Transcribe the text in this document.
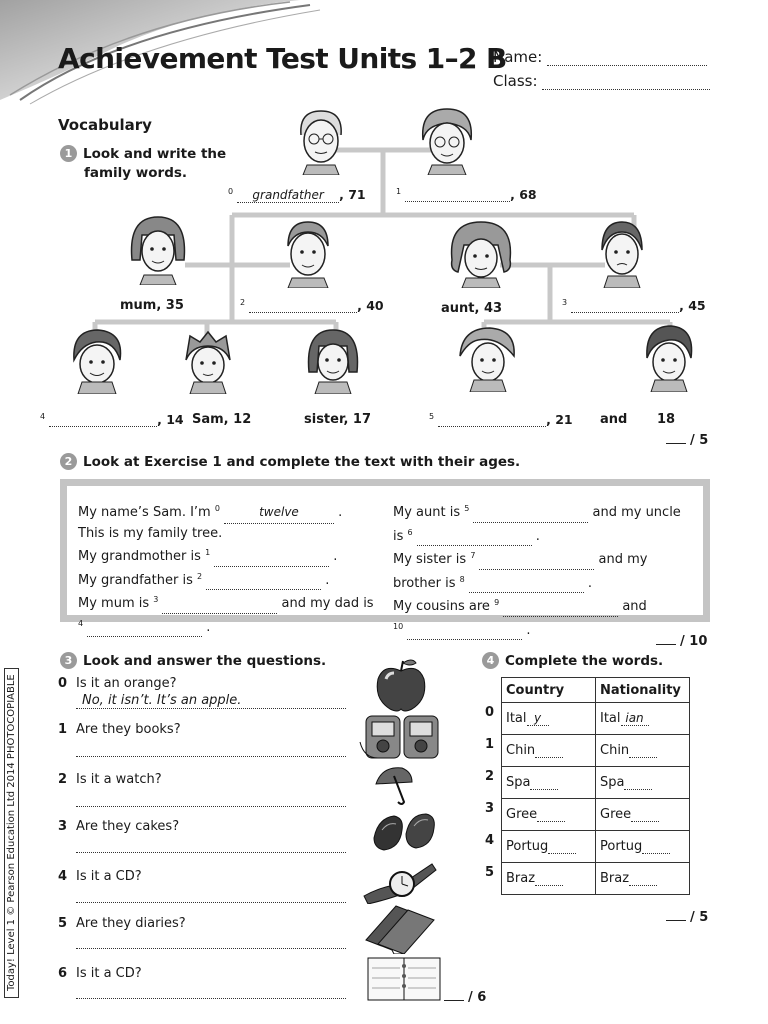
Achievement Test Units 1–2 B
Name:
Class:
Vocabulary
1 Look and write the
family words.
$^0$ grandfather , 71	$^1$	, 68
mum, 35	$^2$	, 40	aunt, 43	$^3$	, 45
$^4$	, 14 Sam, 12	sister, 17	$^5$	, 21 and 18
/ 5
2 Look at Exercise 1 and complete the text with their ages.
My name’s Sam. I’m $^0$	twelve	.
This is my family tree.
My grandmother is $^1$	.
My grandfather is $^2$	.
My mum is $^3$	and my dad is
$^4$	.
My aunt is $^5$	and my uncle
is $^6$	.
My sister is $^7$	and my
brother is $^8$	.
My cousins are $^9$	and
$^{10}$	.
/ 10
3 Look and answer the questions.
0 Is it an orange?
No, it isn’t. It’s an apple.
1 Are they books?
2 Is it a watch?
3 Are they cakes?
4 Is it a CD?
5 Are they diaries?
6 Is it a CD?
/ 6
4 Complete the words.
	Country	Nationality
0	Ital y	Ital ian
1	Chin	Chin
2	Spa	Spa
3	Gree	Gree
4	Portug	Portug
5	Braz	Braz
/ 5
Today! Level 1 © Pearson Education Ltd 2014 PHOTOCOPIABLE
